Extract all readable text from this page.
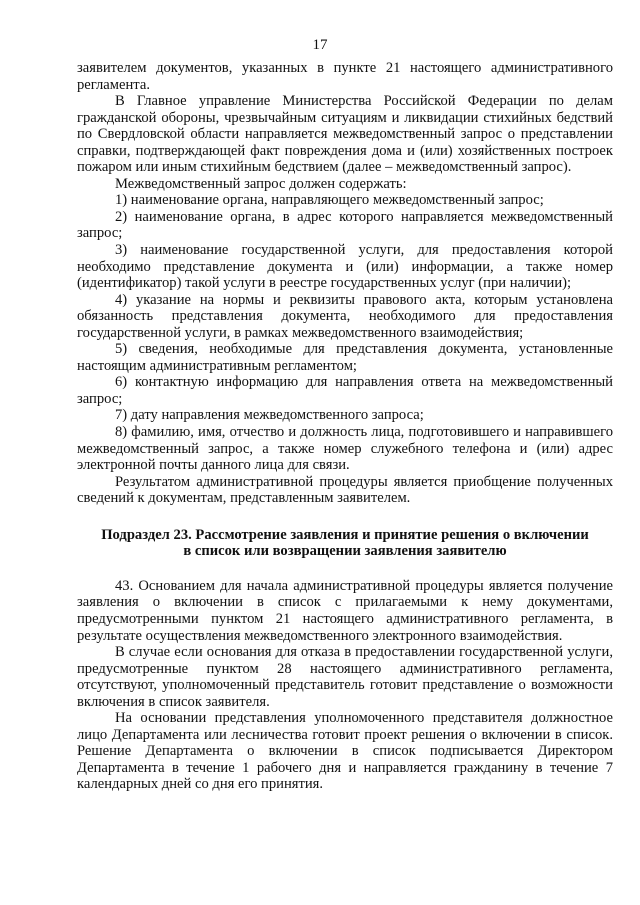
17

заявителем документов, указанных в пункте 21 настоящего административного регламента.

В Главное управление Министерства Российской Федерации по делам гражданской обороны, чрезвычайным ситуациям и ликвидации стихийных бедствий по Свердловской области направляется межведомственный запрос о представлении справки, подтверждающей факт повреждения дома и (или) хозяйственных построек пожаром или иным стихийным бедствием (далее – межведомственный запрос).

Межведомственный запрос должен содержать:

1) наименование органа, направляющего межведомственный запрос;

2) наименование органа, в адрес которого направляется межведомственный запрос;

3) наименование государственной услуги, для предоставления которой необходимо представление документа и (или) информации, а также номер (идентификатор) такой услуги в реестре государственных услуг (при наличии);

4) указание на нормы и реквизиты правового акта, которым установлена обязанность представления документа, необходимого для предоставления государственной услуги, в рамках межведомственного взаимодействия;

5) сведения, необходимые для представления документа, установленные настоящим административным регламентом;

6) контактную информацию для направления ответа на межведомственный запрос;

7) дату направления межведомственного запроса;

8) фамилию, имя, отчество и должность лица, подготовившего и направившего межведомственный запрос, а также номер служебного телефона и (или) адрес электронной почты данного лица для связи.

Результатом административной процедуры является приобщение полученных сведений к документам, представленным заявителем.

Подраздел 23. Рассмотрение заявления и принятие решения о включении
в список или возвращении заявления заявителю

43. Основанием для начала административной процедуры является получение заявления о включении в список с прилагаемыми к нему документами, предусмотренными пунктом 21 настоящего административного регламента, в результате осуществления межведомственного электронного взаимодействия.

В случае если основания для отказа в предоставлении государственной услуги, предусмотренные пунктом 28 настоящего административного регламента, отсутствуют, уполномоченный представитель готовит представление о возможности включения в список заявителя.

На основании представления уполномоченного представителя должностное лицо Департамента или лесничества готовит проект решения о включении в список. Решение Департамента о включении в список подписывается Директором Департамента в течение 1 рабочего дня и направляется гражданину в течение 7 календарных дней со дня его принятия.
